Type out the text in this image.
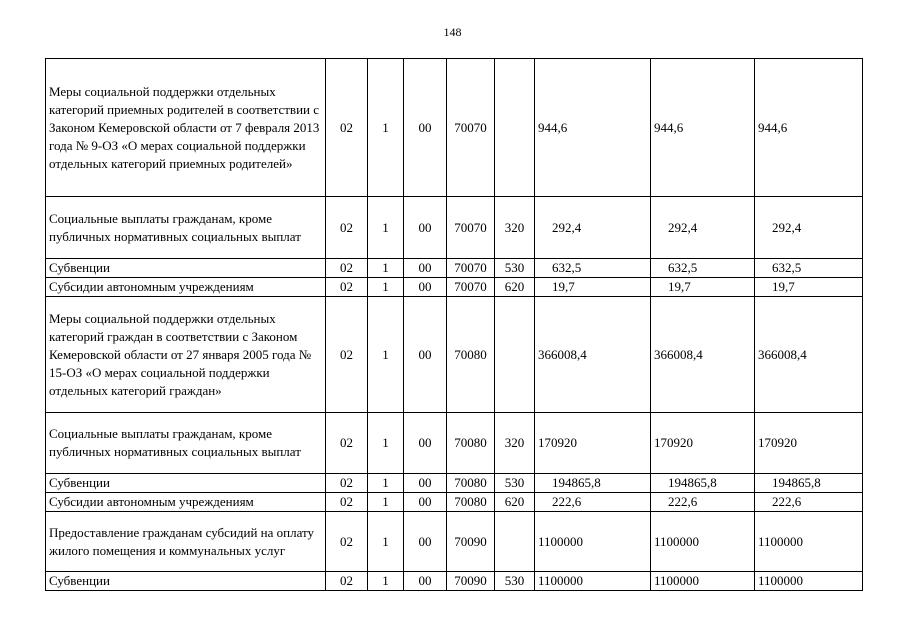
148
Меры социальной поддержки отдельных категорий приемных родителей в соответствии с Законом Кемеровской области от 7 февраля 2013 года № 9-ОЗ «О мерах социальной поддержки отдельных категорий приемных родителей»	02	1	00	70070		944,6	944,6	944,6
Социальные выплаты гражданам, кроме публичных нормативных социальных выплат	02	1	00	70070	320	292,4	292,4	292,4
Субвенции	02	1	00	70070	530	632,5	632,5	632,5
Субсидии автономным учреждениям	02	1	00	70070	620	19,7	19,7	19,7
Меры социальной поддержки отдельных категорий граждан в соответствии с Законом Кемеровской области от 27 января 2005 года № 15-ОЗ «О мерах социальной поддержки отдельных категорий граждан»	02	1	00	70080		366008,4	366008,4	366008,4
Социальные выплаты гражданам, кроме публичных нормативных социальных выплат	02	1	00	70080	320	170920	170920	170920
Субвенции	02	1	00	70080	530	194865,8	194865,8	194865,8
Субсидии автономным учреждениям	02	1	00	70080	620	222,6	222,6	222,6
Предоставление гражданам субсидий на оплату жилого помещения и коммунальных услуг	02	1	00	70090		1100000	1100000	1100000
Субвенции	02	1	00	70090	530	1100000	1100000	1100000
